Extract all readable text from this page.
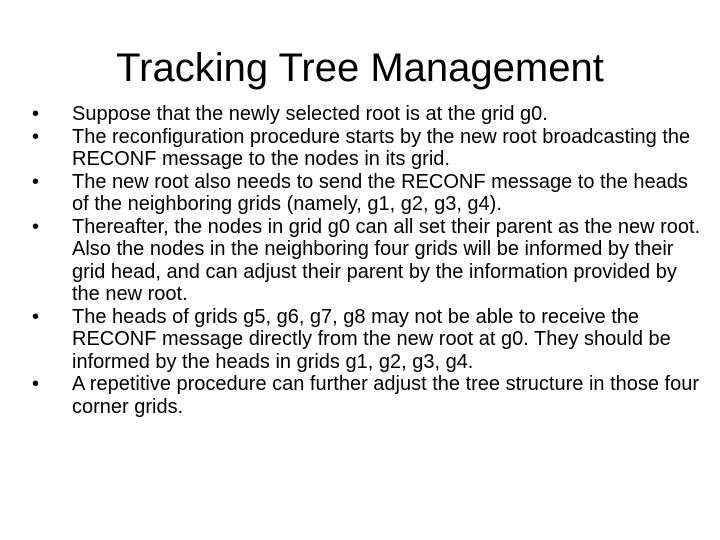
Tracking Tree Management
•	Suppose that the newly selected root is at the grid g0.
•	The reconfiguration procedure starts by the new root broadcasting the RECONF message to the nodes in its grid.
•	The new root also needs to send the RECONF message to the heads of the neighboring grids (namely, g1, g2, g3, g4).
•	Thereafter, the nodes in grid g0 can all set their parent as the new root. Also the nodes in the neighboring four grids will be informed by their grid head, and can adjust their parent by the information provided by the new root.
•	The heads of grids g5, g6, g7, g8 may not be able to receive the RECONF message directly from the new root at g0. They should be informed by the heads in grids g1, g2, g3, g4.
•	A repetitive procedure can further adjust the tree structure in those four corner grids.
